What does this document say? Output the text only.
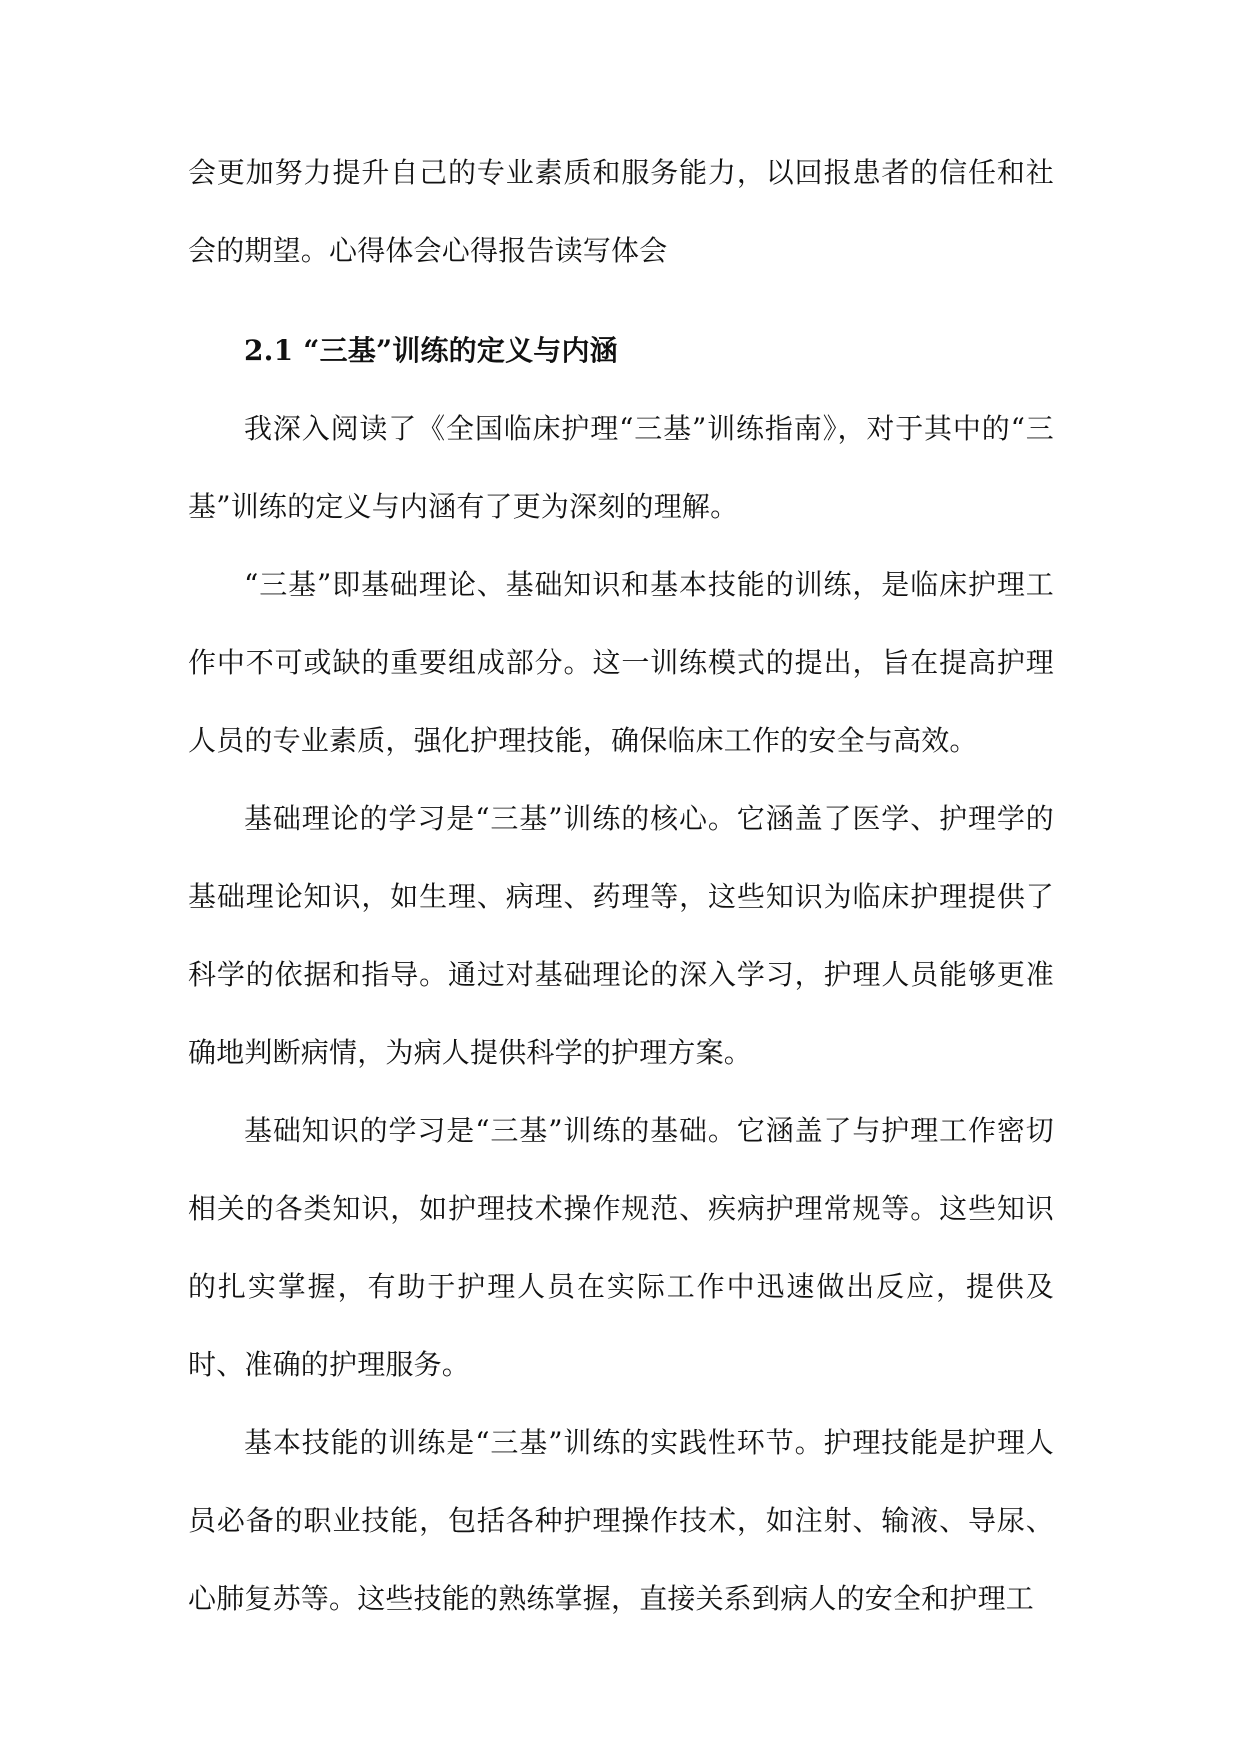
会更加努力提升自己的专业素质和服务能力，以回报患者的信任和社会的期望。心得体会心得报告读写体会

2.1 “三基”训练的定义与内涵

我深入阅读了《全国临床护理“三基”训练指南》，对于其中的“三基”训练的定义与内涵有了更为深刻的理解。

“三基”即基础理论、基础知识和基本技能的训练，是临床护理工作中不可或缺的重要组成部分。这一训练模式的提出，旨在提高护理人员的专业素质，强化护理技能，确保临床工作的安全与高效。

基础理论的学习是“三基”训练的核心。它涵盖了医学、护理学的基础理论知识，如生理、病理、药理等，这些知识为临床护理提供了科学的依据和指导。通过对基础理论的深入学习，护理人员能够更准确地判断病情，为病人提供科学的护理方案。

基础知识的学习是“三基”训练的基础。它涵盖了与护理工作密切相关的各类知识，如护理技术操作规范、疾病护理常规等。这些知识的扎实掌握，有助于护理人员在实际工作中迅速做出反应，提供及时、准确的护理服务。

基本技能的训练是“三基”训练的实践性环节。护理技能是护理人员必备的职业技能，包括各种护理操作技术，如注射、输液、导尿、心肺复苏等。这些技能的熟练掌握，直接关系到病人的安全和护理工
